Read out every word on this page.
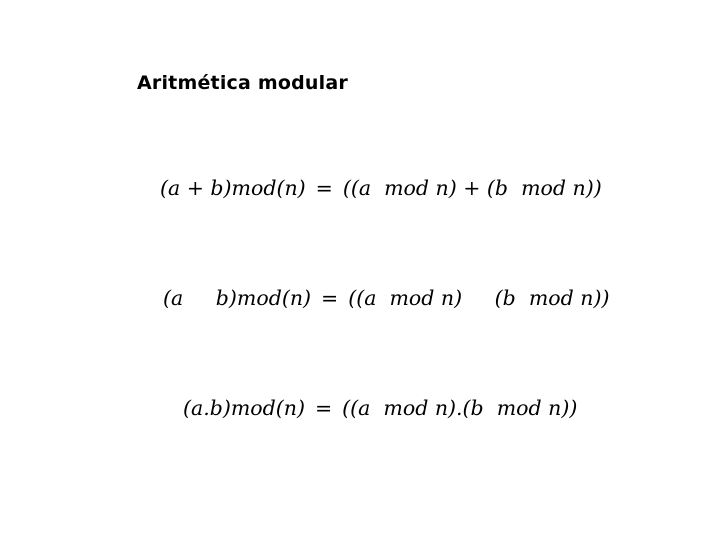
Aritmética modular
(a + b)mod(n) = ((a  mod n) + (b  mod n))
(a     b)mod(n) = ((a  mod n)     (b  mod n))
(a.b)mod(n) = ((a  mod n).(b  mod n))
